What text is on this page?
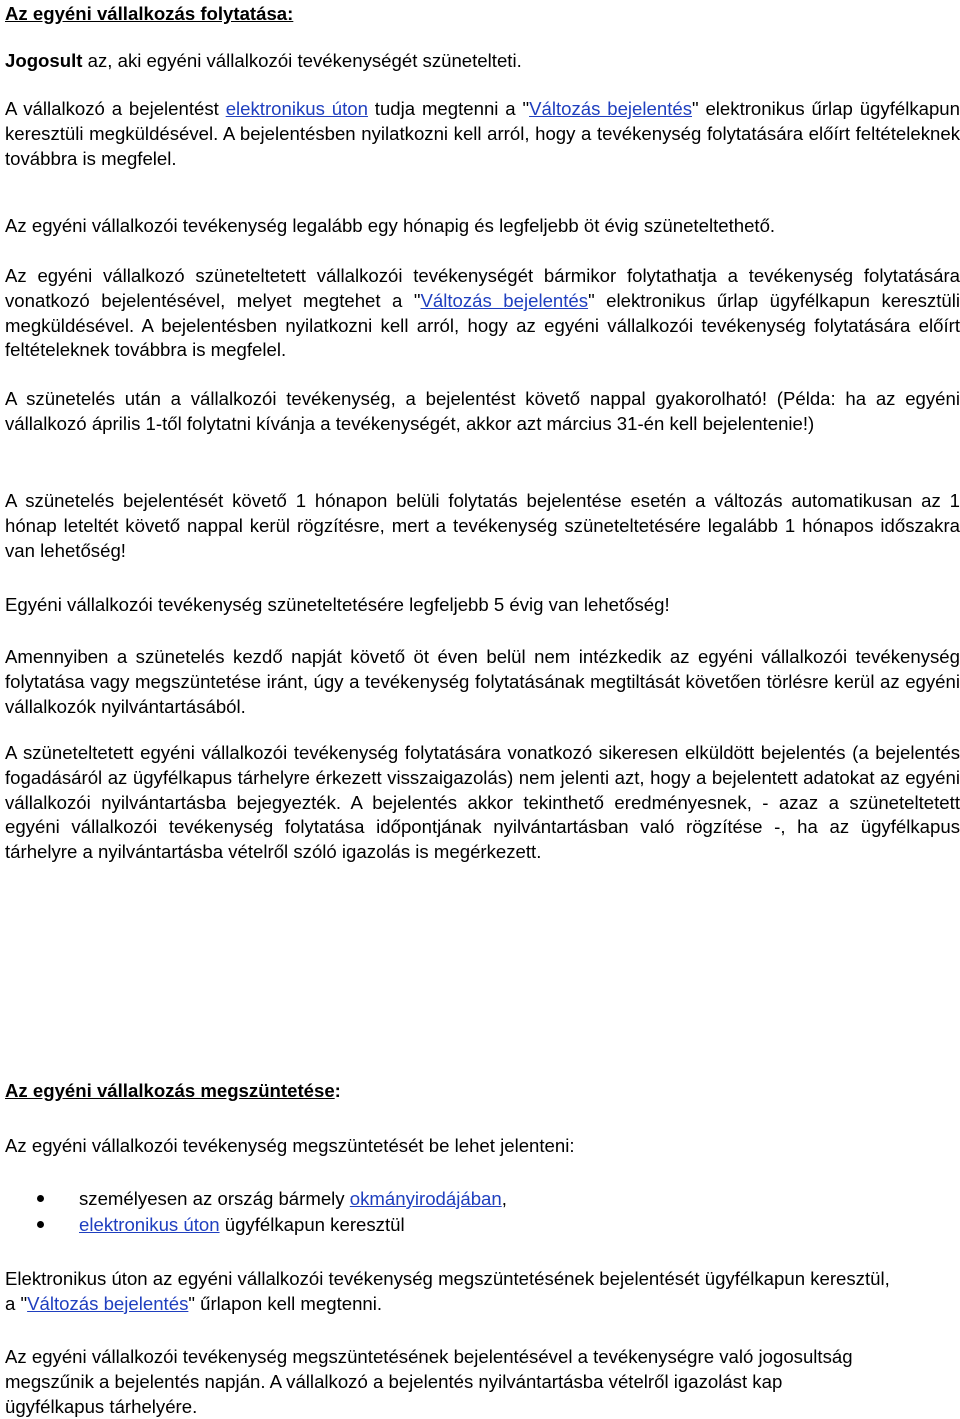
Az egyéni vállalkozás folytatása:
Jogosult az, aki egyéni vállalkozói tevékenységét szünetelteti.
A vállalkozó a bejelentést elektronikus úton tudja megtenni a "Változás bejelentés" elektronikus űrlap ügyfélkapun keresztüli megküldésével. A bejelentésben nyilatkozni kell arról, hogy a tevékenység folytatására előírt feltételeknek továbbra is megfelel.
Az egyéni vállalkozói tevékenység legalább egy hónapig és legfeljebb öt évig szüneteltethető.
Az egyéni vállalkozó szüneteltetett vállalkozói tevékenységét bármikor folytathatja a tevékenység folytatására vonatkozó bejelentésével, melyet megtehet a "Változás bejelentés" elektronikus űrlap ügyfélkapun keresztüli megküldésével. A bejelentésben nyilatkozni kell arról, hogy az egyéni vállalkozói tevékenység folytatására előírt feltételeknek továbbra is megfelel.
A szünetelés után a vállalkozói tevékenység, a bejelentést követő nappal gyakorolható! (Példa: ha az egyéni vállalkozó április 1-től folytatni kívánja a tevékenységét, akkor azt március 31-én kell bejelentenie!)
A szünetelés bejelentését követő 1 hónapon belüli folytatás bejelentése esetén a változás automatikusan az 1 hónap leteltét követő nappal kerül rögzítésre, mert a tevékenység szüneteltetésére legalább 1 hónapos időszakra van lehetőség!
Egyéni vállalkozói tevékenység szüneteltetésére legfeljebb 5 évig van lehetőség!
Amennyiben a szünetelés kezdő napját követő öt éven belül nem intézkedik az egyéni vállalkozói tevékenység folytatása vagy megszüntetése iránt, úgy a tevékenység folytatásának megtiltását követően törlésre kerül az egyéni vállalkozók nyilvántartásából.
A szüneteltetett egyéni vállalkozói tevékenység folytatására vonatkozó sikeresen elküldött bejelentés (a bejelentés fogadásáról az ügyfélkapus tárhelyre érkezett visszaigazolás) nem jelenti azt, hogy a bejelentett adatokat az egyéni vállalkozói nyilvántartásba bejegyezték. A bejelentés akkor tekinthető eredményesnek, - azaz a szüneteltetett egyéni vállalkozói tevékenység folytatása időpontjának nyilvántartásban való rögzítése -, ha az ügyfélkapus tárhelyre a nyilvántartásba vételről szóló igazolás is megérkezett.
Az egyéni vállalkozás megszüntetése:
Az egyéni vállalkozói tevékenység megszüntetését be lehet jelenteni:
személyesen az ország bármely okmányirodájában,
elektronikus úton ügyfélkapun keresztül
Elektronikus úton az egyéni vállalkozói tevékenység megszüntetésének bejelentését ügyfélkapun keresztül, a "Változás bejelentés" űrlapon kell megtenni.
Az egyéni vállalkozói tevékenység megszüntetésének bejelentésével a tevékenységre való jogosultság megszűnik a bejelentés napján. A vállalkozó a bejelentés nyilvántartásba vételről igazolást kap ügyfélkapus tárhelyére.
